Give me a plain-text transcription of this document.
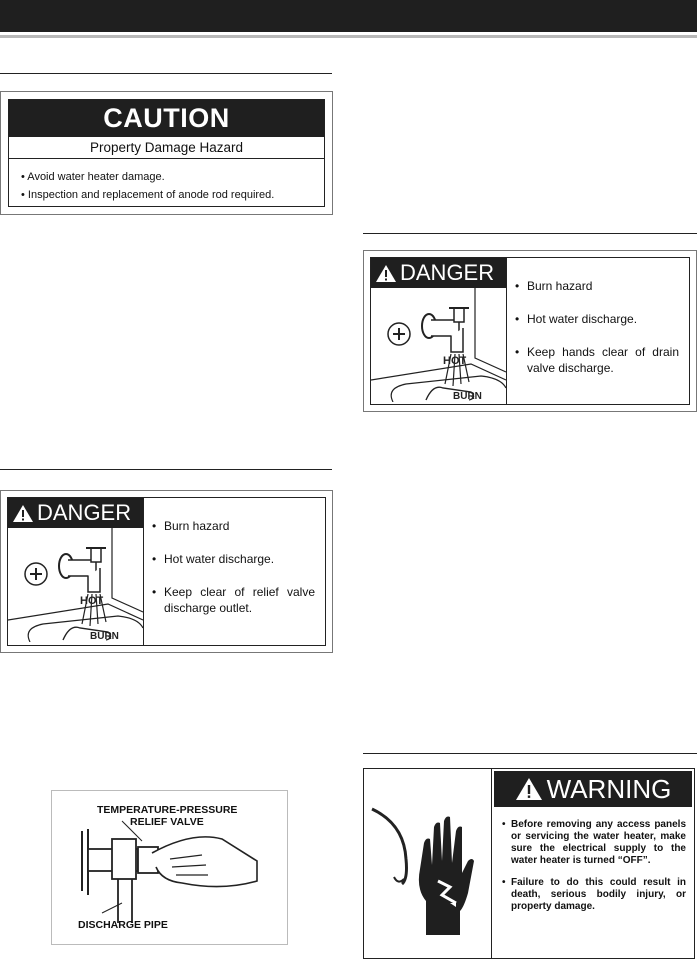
CAUTION
Property Damage Hazard
• Avoid water heater damage.
• Inspection and replacement of anode rod required.
DANGER
HOT
BURN
• Burn hazard
• Hot water discharge.
• Keep clear of relief valve discharge outlet.
DANGER
HOT
BURN
• Burn hazard
• Hot water discharge.
• Keep hands clear of drain valve discharge.
TEMPERATURE-PRESSURE
RELIEF VALVE
DISCHARGE PIPE
WARNING
• Before removing any access panels or servicing the water heater, make sure the electrical supply to the water heater is turned “OFF”.
• Failure to do this could result in death, serious bodily injury, or property damage.
